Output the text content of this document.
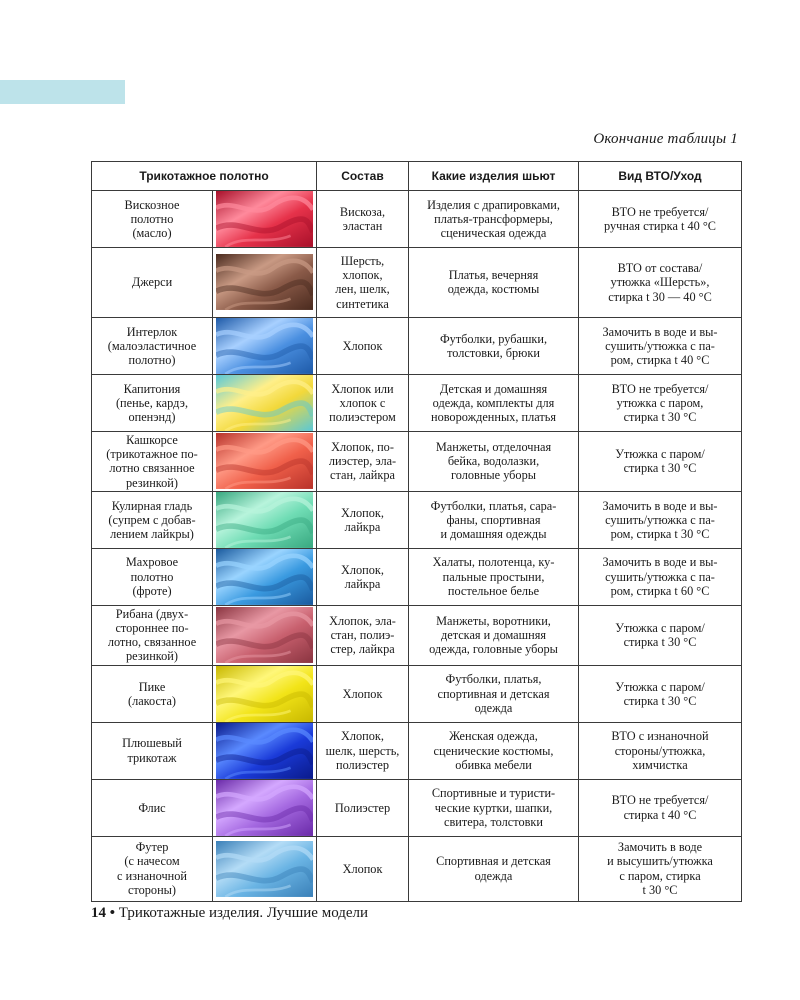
Окончание таблицы 1
Трикотажное полотно		Состав	Какие изделия шьют	Вид ВТО/Уход
Вискозное
полотно
(масло)		Вискоза,
эластан	Изделия с драпировками,
платья-трансформеры,
сценическая одежда	ВТО не требуется/
ручная стирка t 40 °С
Джерси		Шерсть,
хлопок,
лен, шелк,
синтетика	Платья, вечерняя
одежда, костюмы	ВТО от состава/
утюжка «Шерсть»,
стирка t 30 — 40 °С
Интерлок
(малоэластичное
полотно)		Хлопок	Футболки, рубашки,
толстовки, брюки	Замочить в воде и вы-
сушить/утюжка с па-
ром, стирка t 40 °С
Капитония
(пенье, кардэ,
опенэнд)		Хлопок или
хлопок с
полиэстером	Детская и домашняя
одежда, комплекты для
новорожденных, платья	ВТО не требуется/
утюжка с паром,
стирка t 30 °С
Кашкорсе
(трикотажное по-
лотно связанное
резинкой)		Хлопок, по-
лиэстер, эла-
стан, лайкра	Манжеты, отделочная
бейка, водолазки,
головные уборы	Утюжка с паром/
стирка t 30 °С
Кулирная гладь
(супрем с добав-
лением лайкры)		Хлопок,
лайкра	Футболки, платья, сара-
фаны, спортивная
и домашняя одежды	Замочить в воде и вы-
сушить/утюжка с па-
ром, стирка t 30 °С
Махровое
полотно
(фроте)		Хлопок,
лайкра	Халаты, полотенца, ку-
пальные простыни,
постельное белье	Замочить в воде и вы-
сушить/утюжка с па-
ром, стирка t 60 °С
Рибана (двух-
стороннее по-
лотно, связанное
резинкой)		Хлопок, эла-
стан, полиэ-
стер, лайкра	Манжеты, воротники,
детская и домашняя
одежда, головные уборы	Утюжка с паром/
стирка t 30 °С
Пике
(лакоста)		Хлопок	Футболки, платья,
спортивная и детская
одежда	Утюжка с паром/
стирка t 30 °С
Плюшевый
трикотаж		Хлопок,
шелк, шерсть,
полиэстер	Женская одежда,
сценические костюмы,
обивка мебели	ВТО с изнаночной
стороны/утюжка,
химчистка
Флис		Полиэстер	Спортивные и туристи-
ческие куртки, шапки,
свитера, толстовки	ВТО не требуется/
стирка t 40 °С
Футер
(с начесом
с изнаночной
стороны)		Хлопок	Спортивная и детская
одежда	Замочить в воде
и высушить/утюжка
с паром, стирка
t 30 °С
14 • Трикотажные изделия. Лучшие модели
